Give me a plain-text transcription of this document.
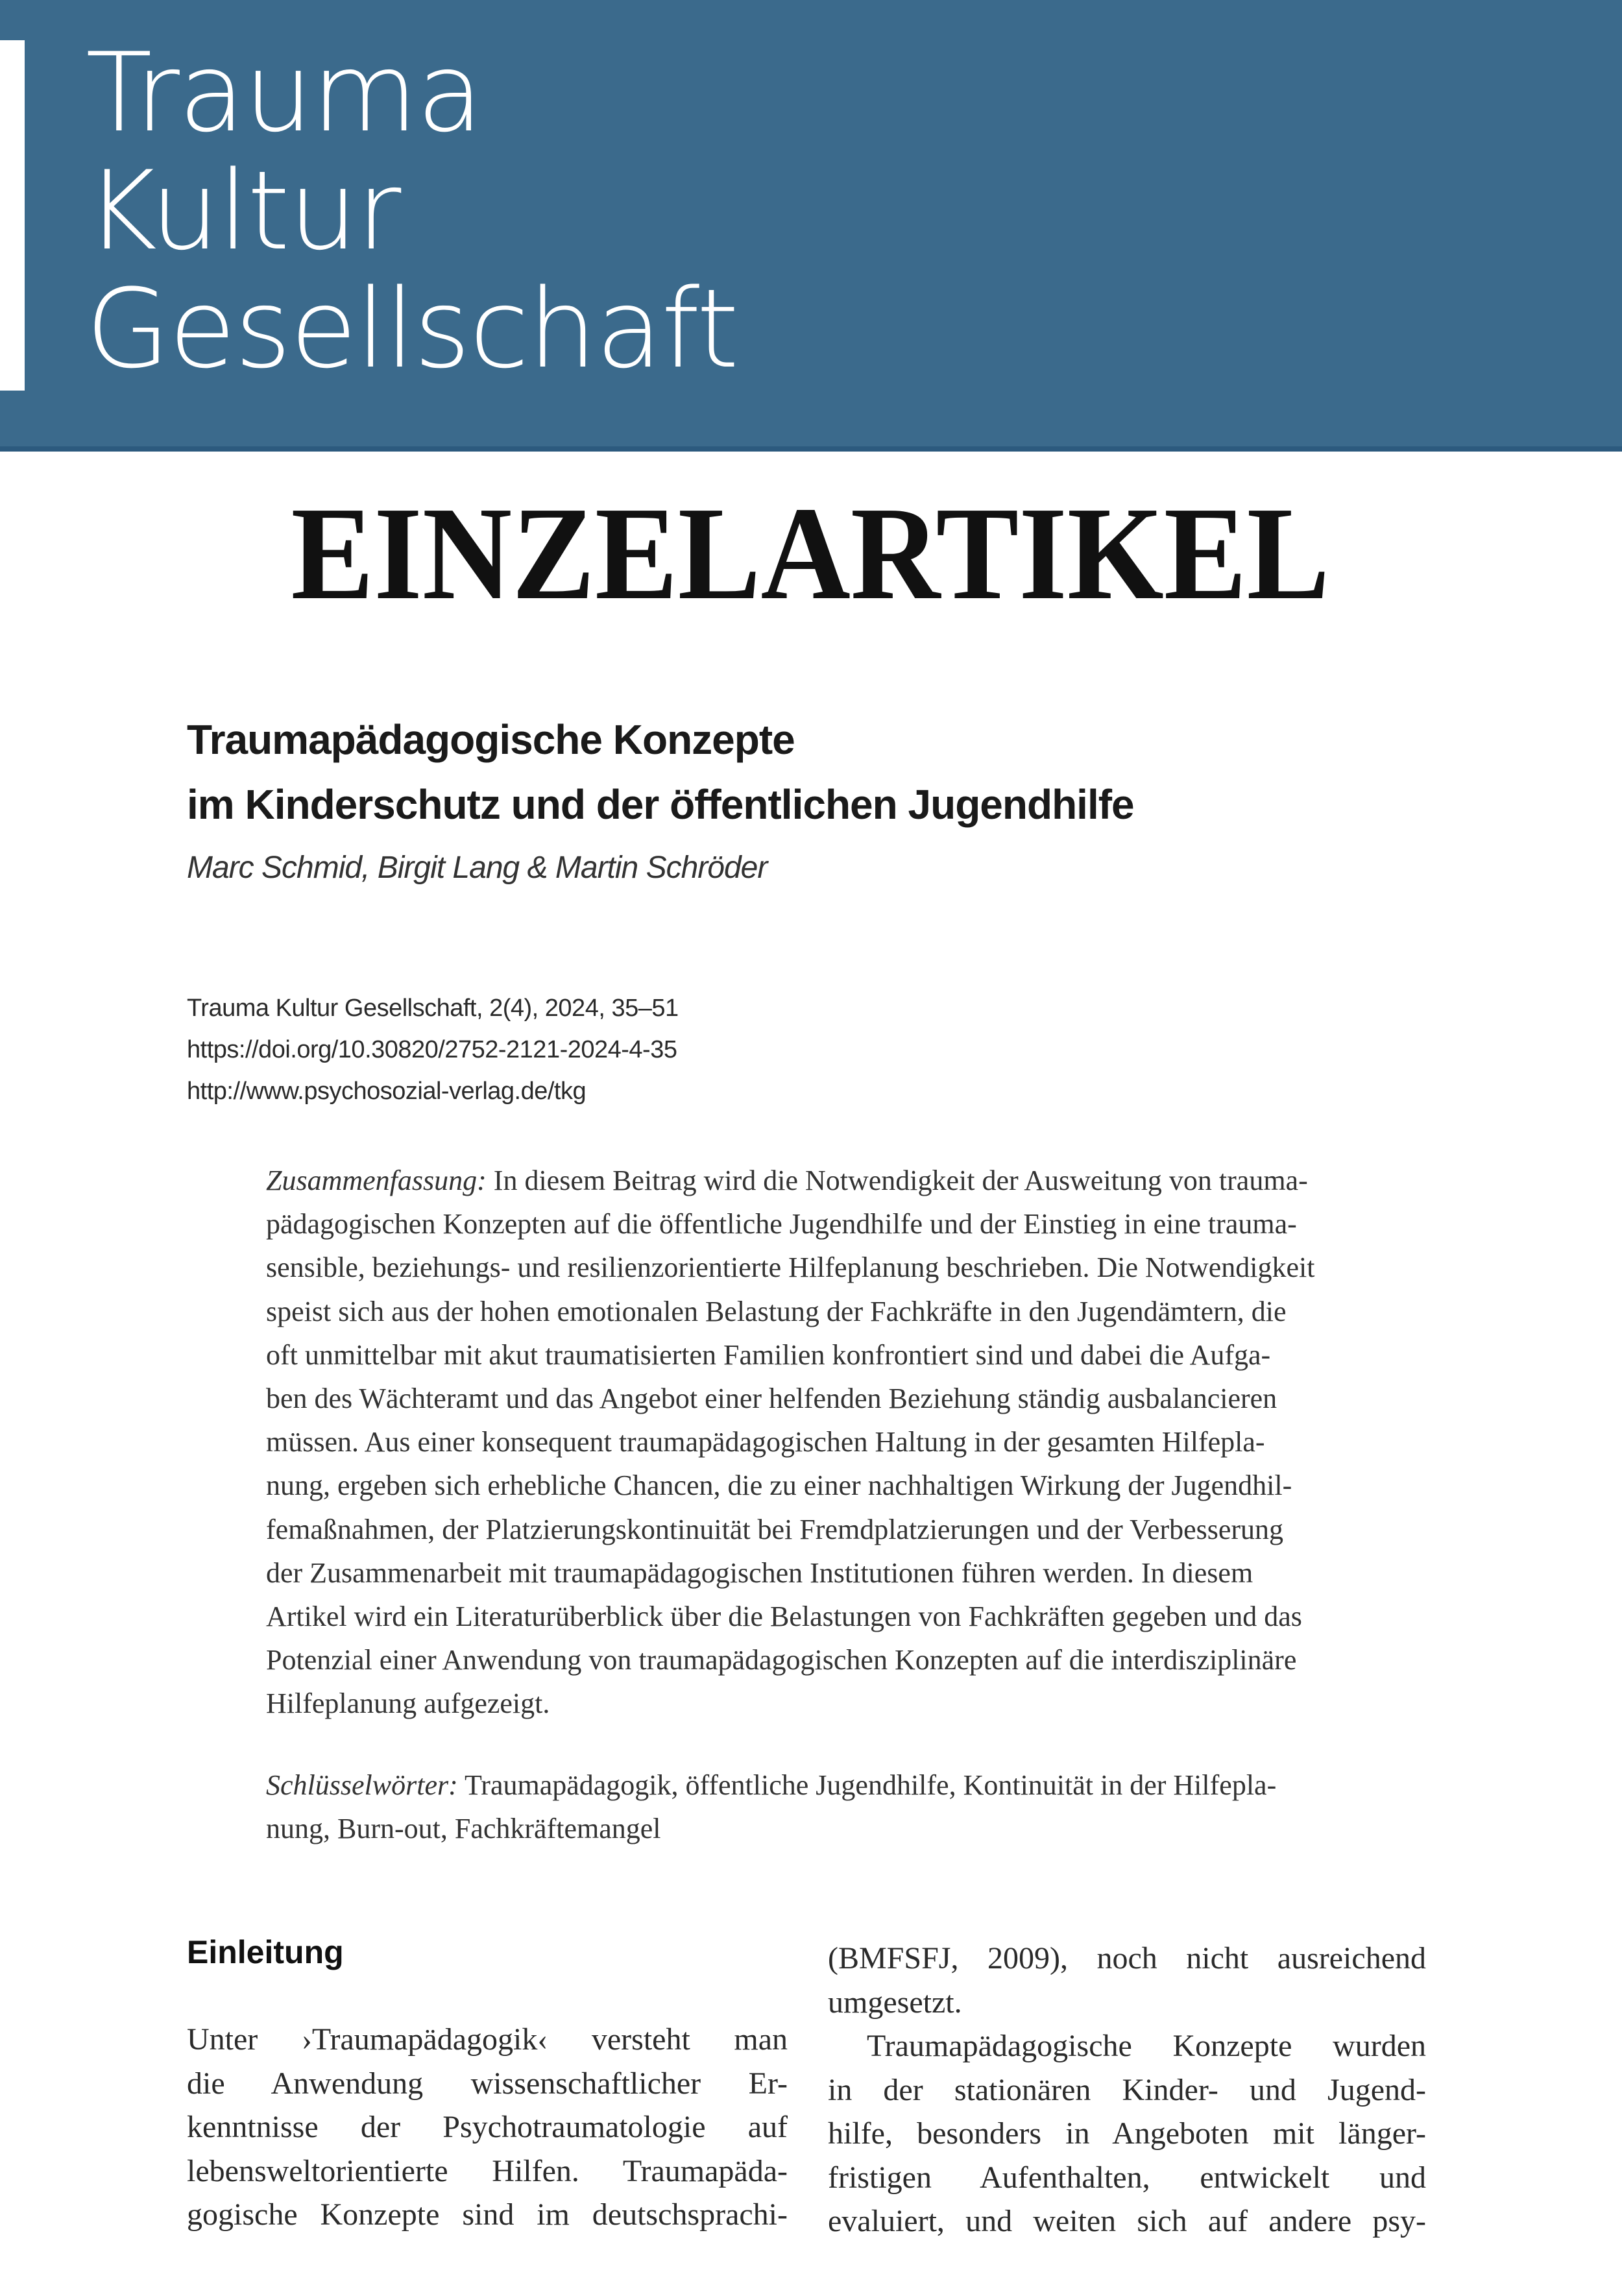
Trauma
Kultur
Gesellschaft
EINZELARTIKEL
Traumapädagogische Konzepte
im Kinderschutz und der öffentlichen Jugendhilfe
Marc Schmid, Birgit Lang & Martin Schröder
Trauma Kultur Gesellschaft, 2(4), 2024, 35–51
https://doi.org/10.30820/2752-2121-2024-4-35
http://www.psychosozial-verlag.de/tkg
Zusammenfassung: In diesem Beitrag wird die Notwendigkeit der Ausweitung von trauma-
pädagogischen Konzepten auf die öffentliche Jugendhilfe und der Einstieg in eine trauma-
sensible, beziehungs- und resilienzorientierte Hilfeplanung beschrieben. Die Notwendigkeit
speist sich aus der hohen emotionalen Belastung der Fachkräfte in den Jugendämtern, die
oft unmittelbar mit akut traumatisierten Familien konfrontiert sind und dabei die Aufga-
ben des Wächteramt und das Angebot einer helfenden Beziehung ständig ausbalancieren
müssen. Aus einer konsequent traumapädagogischen Haltung in der gesamten Hilfepla-
nung, ergeben sich erhebliche Chancen, die zu einer nachhaltigen Wirkung der Jugendhil-
femaßnahmen, der Platzierungskontinuität bei Fremdplatzierungen und der Verbesserung
der Zusammenarbeit mit traumapädagogischen Institutionen führen werden. In diesem
Artikel wird ein Literaturüberblick über die Belastungen von Fachkräften gegeben und das
Potenzial einer Anwendung von traumapädagogischen Konzepten auf die interdisziplinäre
Hilfeplanung aufgezeigt.
Schlüsselwörter: Traumapädagogik, öffentliche Jugendhilfe, Kontinuität in der Hilfepla-
nung, Burn-out, Fachkräftemangel
Einleitung
Unter ›Traumapädagogik‹ versteht man
die Anwendung wissenschaftlicher Er-
kenntnisse der Psychotraumatologie auf
lebensweltorientierte Hilfen. Traumapäda-
gogische Konzepte sind im deutschsprachi-
(BMFSFJ, 2009), noch nicht ausreichend
umgesetzt.
Traumapädagogische Konzepte wurden
in der stationären Kinder- und Jugend-
hilfe, besonders in Angeboten mit länger-
fristigen Aufenthalten, entwickelt und
evaluiert, und weiten sich auf andere psy-
